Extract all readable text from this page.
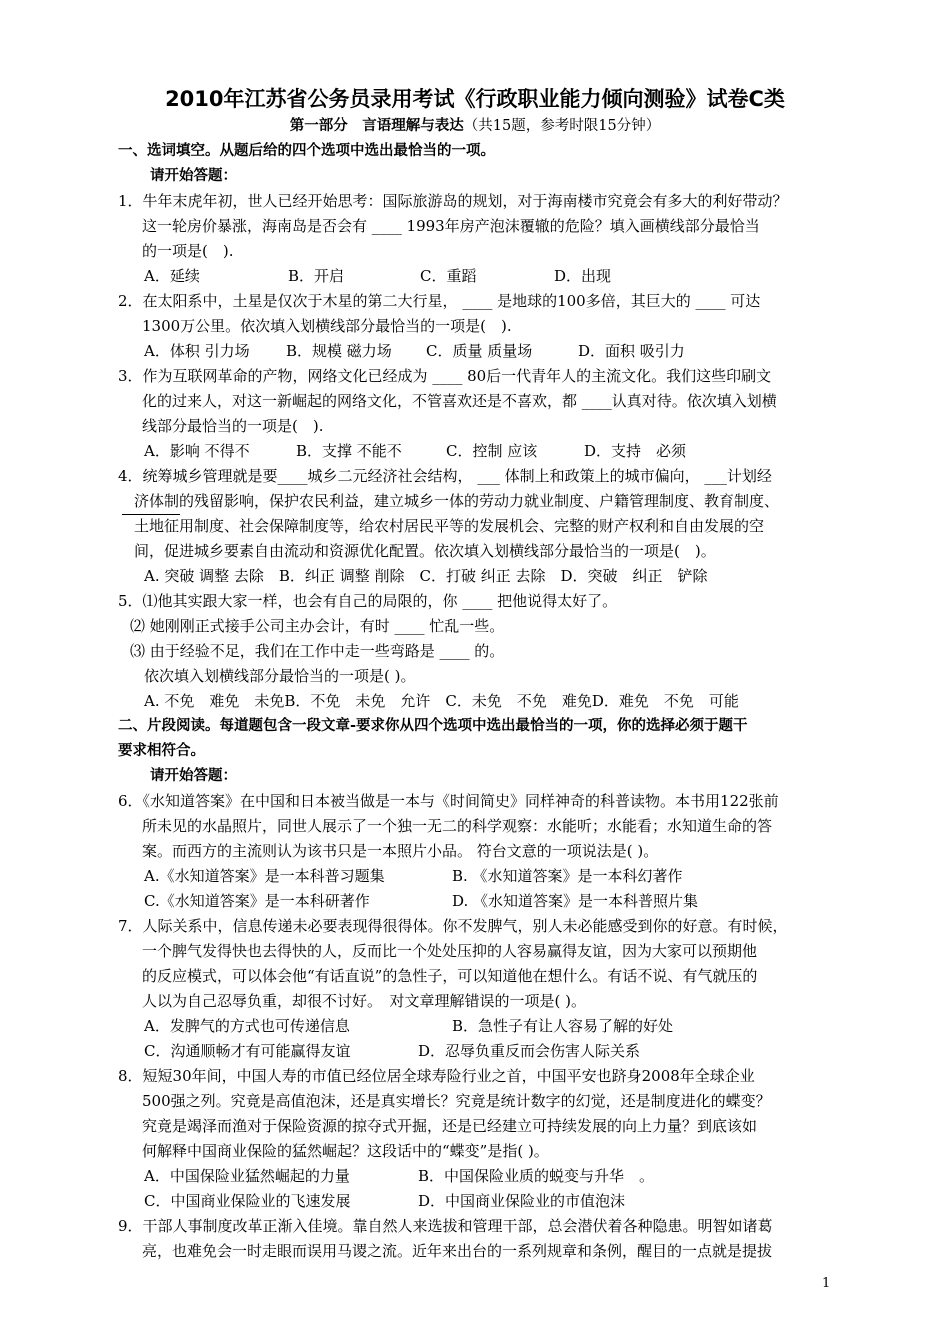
2010年江苏省公务员录用考试《行政职业能力倾向测验》试卷C类
第一部分　言语理解与表达（共15题，参考时限15分钟）
一、选词填空。从题后给的四个选项中选出最恰当的一项。
请开始答题：
1．牛年末虎年初，世人已经开始思考：国际旅游岛的规划，对于海南楼市究竟会有多大的利好带动？
这一轮房价暴涨，海南岛是否会有 ____ 1993年房产泡沫覆辙的危险？填入画横线部分最恰当
的一项是(　).
A．延续	B．开启	C．重蹈	D．出现
2．在太阳系中，土星是仅次于木星的第二大行星， ____ 是地球的100多倍，其巨大的 ____ 可达
1300万公里。依次填入划横线部分最恰当的一项是(　).
A．体积 引力场 B．规模 磁力场 C．质量 质量场	D．面积 吸引力
3．作为互联网革命的产物，网络文化已经成为 ____ 80后一代青年人的主流文化。我们这些印刷文
化的过来人，对这一新崛起的网络文化，不管喜欢还是不喜欢，都 ____认真对待。依次填入划横
线部分最恰当的一项是(　).
A．影响 不得不	B．支撑 不能不	C．控制 应该	D．支持　必须
4．统筹城乡管理就是要____城乡二元经济社会结构， ___ 体制上和政策上的城市偏向， ___计划经
济体制的残留影响，保护农民利益，建立城乡一体的劳动力就业制度、户籍管理制度、教育制度、
土地征用制度、社会保障制度等，给农村居民平等的发展机会、完整的财产权利和自由发展的空
间，促进城乡要素自由流动和资源优化配置。依次填入划横线部分最恰当的一项是(　)。
A. 突破 调整 去除　B．纠正 调整 削除　C．打破 纠正 去除　D．突破　纠正　铲除
5．⑴他其实跟大家一样，也会有自己的局限的，你 ____ 把他说得太好了。
⑵ 她刚刚正式接手公司主办会计，有时 ____ 忙乱一些。
⑶ 由于经验不足，我们在工作中走一些弯路是 ____ 的。
依次填入划横线部分最恰当的一项是( )。
A. 不免　难免　未免B．不免　未免　允许　C．未免　不免　难免D．难免　不免　可能
二、片段阅读。每道题包含一段文章-要求你从四个选项中选出最恰当的一项，你的选择必须于题干
要求相符合。
请开始答题：
6．《水知道答案》在中国和日本被当做是一本与《时间简史》同样神奇的科普读物。本书用122张前
所未见的水晶照片，同世人展示了一个独一无二的科学观察：水能听；水能看；水知道生命的答
案。而西方的主流则认为该书只是一本照片小品。 符台文意的一项说法是( )。
A.《水知道答案》是一本科普习题集	B. 《水知道答案》是一本科幻著作
C.《水知道答案》是一本科研著作	D. 《水知道答案》是一本科普照片集
7．人际关系中，信息传递未必要表现得很得体。你不发脾气，别人未必能感受到你的好意。有时候，
一个脾气发得快也去得快的人，反而比一个处处压抑的人容易赢得友谊，因为大家可以预期他
的反应模式，可以体会他“有话直说”的急性子，可以知道他在想什么。有话不说、有气就压的
人以为自己忍辱负重，却很不讨好。　对文章理解错误的一项是( )。
A．发脾气的方式也可传递信息	B．急性子有让人容易了解的好处
C．沟通顺畅才有可能赢得友谊	D．忍辱负重反而会伤害人际关系
8．短短30年间，中国人寿的市值已经位居全球寿险行业之首，中国平安也跻身2008年全球企业
500强之列。究竟是高值泡沫，还是真实增长？究竟是统计数字的幻觉，还是制度进化的蝶变？
究竟是竭泽而渔对于保险资源的掠夺式开掘，还是已经建立可持续发展的向上力量？到底该如
何解释中国商业保险的猛然崛起？这段话中的“蝶变”是指( )。
A．中国保险业猛然崛起的力量	B．中国保险业质的蜕变与升华　。
C．中国商业保险业的飞速发展	D．中国商业保险业的市值泡沫
9．干部人事制度改革正渐入佳境。靠自然人来选拔和管理干部，总会潜伏着各种隐患。明智如诸葛
亮，也难免会一时走眼而误用马谡之流。近年来出台的一系列规章和条例，醒目的一点就是提拔
1
